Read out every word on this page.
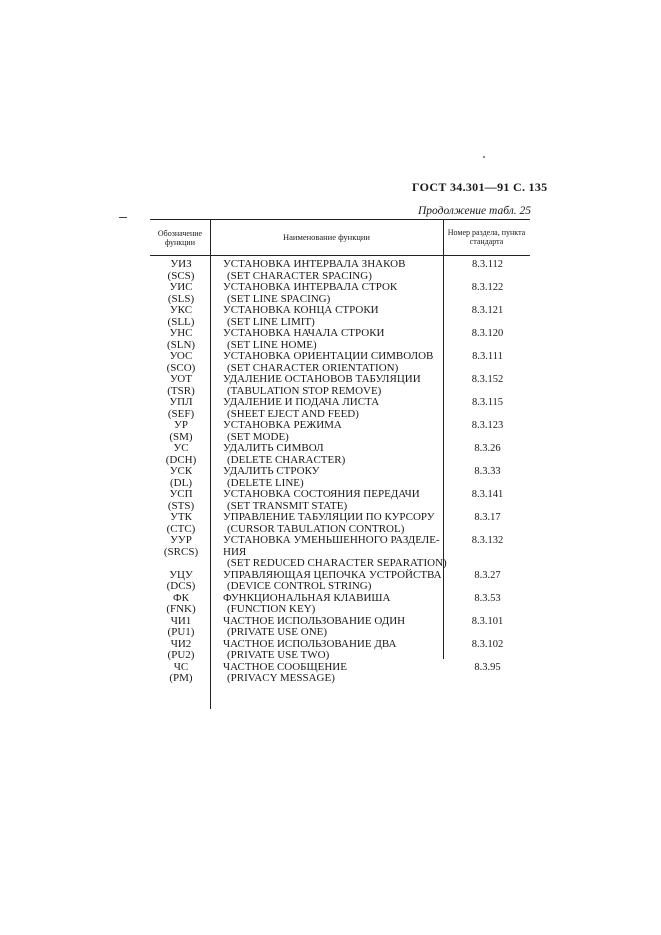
ГОСТ 34.301—91 С. 135
Продолжение табл. 25
Обозначение функции
Наименование функции	Номер раздела, пункта стандарта
УИЗ
(SCS)
8.3.112
УСТАНОВКА ИНТЕРВАЛА ЗНАКОВ
(SET CHARACTER SPACING)
УИС
(SLS)
8.3.122
УСТАНОВКА ИНТЕРВАЛА СТРОК
(SET LINE SPACING)
УКС
(SLL)
8.3.121
УСТАНОВКА КОНЦА СТРОКИ
(SET LINE LIMIT)
УНС
(SLN)
8.3.120
УСТАНОВКА НАЧАЛА СТРОКИ
(SET LINE HOME)
УОС
(SCO)
8.3.111
УСТАНОВКА ОРИЕНТАЦИИ СИМВОЛОВ
(SET CHARACTER ORIENTATION)
УОТ
(TSR)
8.3.152
УДАЛЕНИЕ ОСТАНОВОВ ТАБУЛЯЦИИ
(TABULATION STOP REMOVE)
УПЛ
(SEF)
8.3.115
УДАЛЕНИЕ И ПОДАЧА ЛИСТА
(SHEET EJECT AND FEED)
УР
(SM)
8.3.123
УСТАНОВКА РЕЖИМА
(SET MODE)
УС
(DCH)
8.3.26
УДАЛИТЬ СИМВОЛ
(DELETE CHARACTER)
УСК
(DL)
8.3.33
УДАЛИТЬ СТРОКУ
(DELETE LINE)
УСП
(STS)
8.3.141
УСТАНОВКА СОСТОЯНИЯ ПЕРЕДАЧИ
(SET TRANSMIT STATE)
УТК
(CTC)
8.3.17
УПРАВЛЕНИЕ ТАБУЛЯЦИИ ПО КУРСОРУ
(CURSOR TABULATION CONTROL)
УУР
(SRCS)
8.3.132
УСТАНОВКА УМЕНЬШЕННОГО РАЗДЕЛЕ-НИЯ
(SET REDUCED CHARACTER SEPARATION)
УЦУ
(DCS)
8.3.27
УПРАВЛЯЮЩАЯ ЦЕПОЧКА УСТРОЙСТВА
(DEVICE CONTROL STRING)
ФК
(FNK)
8.3.53
ФУНКЦИОНАЛЬНАЯ КЛАВИША
(FUNCTION KEY)
ЧИ1
(PU1)
8.3.101
ЧАСТНОЕ ИСПОЛЬЗОВАНИЕ ОДИН
(PRIVATE USE ONE)
ЧИ2
(PU2)
8.3.102
ЧАСТНОЕ ИСПОЛЬЗОВАНИЕ ДВА
(PRIVATE USE TWO)
ЧС
(PM)
8.3.95
ЧАСТНОЕ СООБЩЕНИЕ
(PRIVACY MESSAGE)
